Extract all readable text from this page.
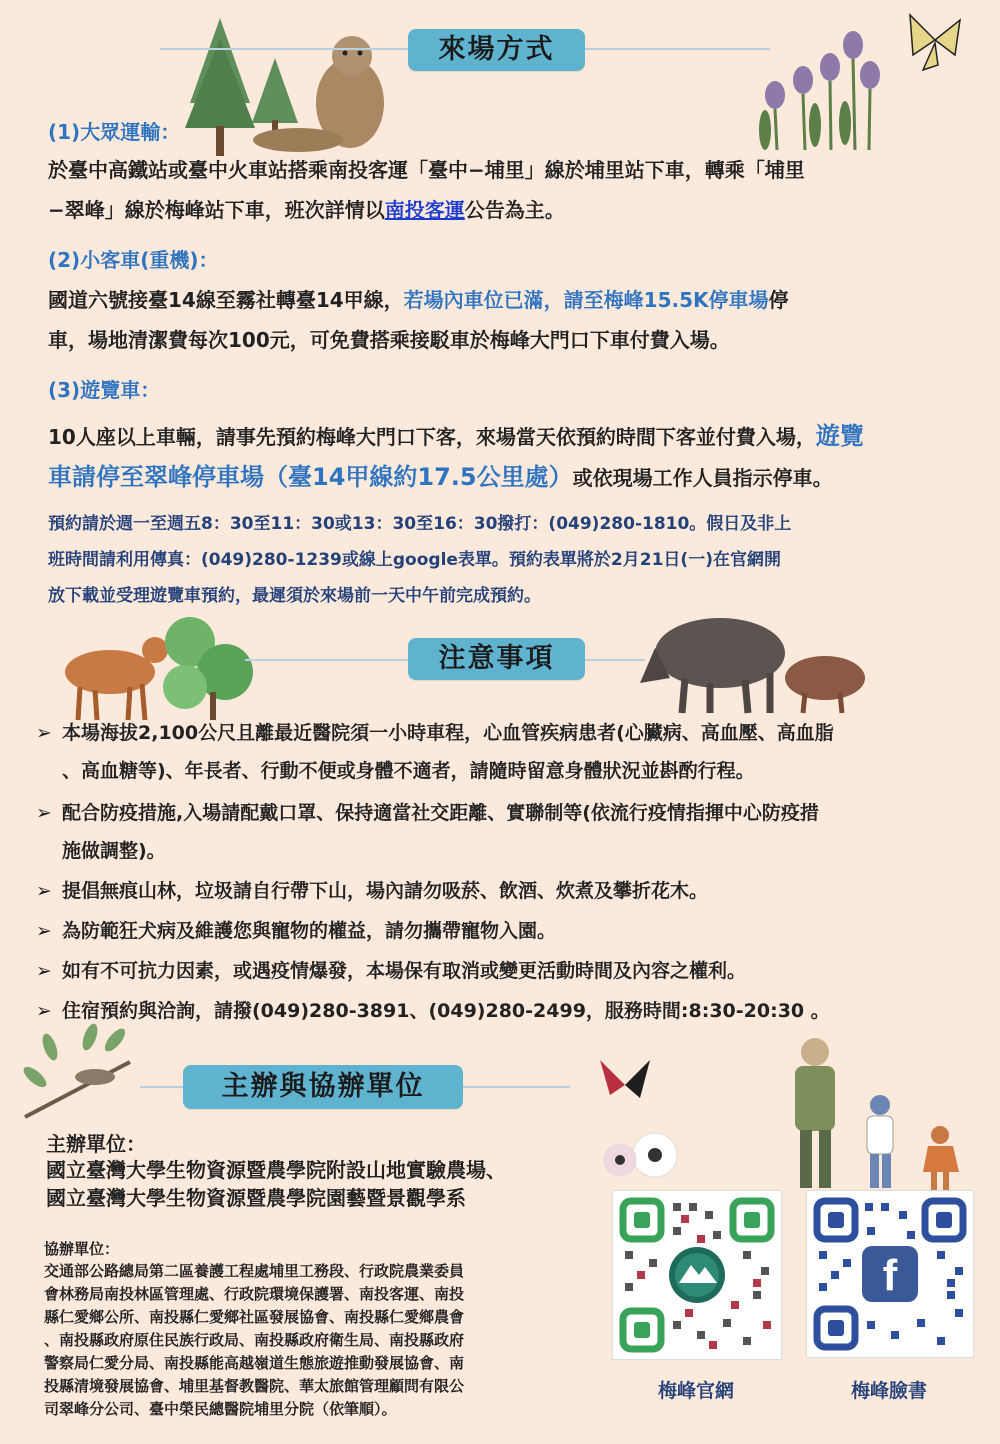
來場方式
(1)大眾運輸：
於臺中高鐵站或臺中火車站搭乘南投客運「臺中−埔里」線於埔里站下車，轉乘「埔里
−翠峰」線於梅峰站下車，班次詳情以南投客運公告為主。
(2)小客車(重機)：
國道六號接臺14線至霧社轉臺14甲線，若場內車位已滿，請至梅峰15.5K停車場停
車，場地清潔費每次100元，可免費搭乘接駁車於梅峰大門口下車付費入場。
(3)遊覽車：
10人座以上車輛，請事先預約梅峰大門口下客，來場當天依預約時間下客並付費入場，遊覽
車請停至翠峰停車場（臺14甲線約17.5公里處）或依現場工作人員指示停車。
預約請於週一至週五8：30至11：30或13：30至16：30撥打：(049)280-1810。假日及非上
班時間請利用傳真：(049)280-1239或線上google表單。預約表單將於2月21日(一)在官網開
放下載並受理遊覽車預約，最遲須於來場前一天中午前完成預約。
注意事項
➢ 本場海拔2,100公尺且離最近醫院須一小時車程，心血管疾病患者(心臟病、高血壓、高血脂
、高血糖等)、年長者、行動不便或身體不適者，請隨時留意身體狀況並斟酌行程。
➢ 配合防疫措施,入場請配戴口罩、保持適當社交距離、實聯制等(依流行疫情指揮中心防疫措
施做調整)。
➢ 提倡無痕山林，垃圾請自行帶下山，場內請勿吸菸、飲酒、炊煮及攀折花木。
➢ 為防範狂犬病及維護您與寵物的權益，請勿攜帶寵物入園。
➢ 如有不可抗力因素，或遇疫情爆發，本場保有取消或變更活動時間及內容之權利。
➢ 住宿預約與洽詢，請撥(049)280-3891、(049)280-2499，服務時間:8:30-20:30 。
主辦與協辦單位
主辦單位：
國立臺灣大學生物資源暨農學院附設山地實驗農場、
國立臺灣大學生物資源暨農學院園藝暨景觀學系
協辦單位：
交通部公路總局第二區養護工程處埔里工務段、行政院農業委員
會林務局南投林區管理處、行政院環境保護署、南投客運、南投
縣仁愛鄉公所、南投縣仁愛鄉社區發展協會、南投縣仁愛鄉農會
、南投縣政府原住民族行政局、南投縣政府衛生局、南投縣政府
警察局仁愛分局、南投縣能高越嶺道生態旅遊推動發展協會、南
投縣清境發展協會、埔里基督教醫院、華太旅館管理顧問有限公
司翠峰分公司、臺中榮民總醫院埔里分院（依筆順）。
梅峰官網
f
梅峰臉書
